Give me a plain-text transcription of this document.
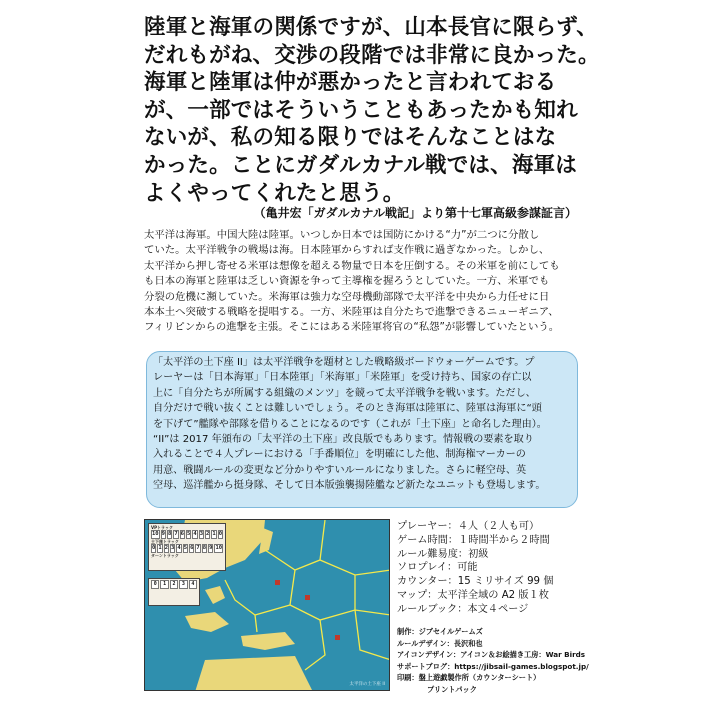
陸軍と海軍の関係ですが、山本長官に限らず、
だれもがね、交渉の段階では非常に良かった。
海軍と陸軍は仲が悪かったと言われておる
が、一部ではそういうこともあったかも知れ
ないが、私の知る限りではそんなことはな
かった。ことにガダルカナル戦では、海軍は
よくやってくれたと思う。
（亀井宏「ガダルカナル戦記」より第十七軍高級参謀証言）
太平洋は海軍。中国大陸は陸軍。いつしか日本では国防にかける“力”が二つに分散し
ていた。太平洋戦争の戦場は海。日本陸軍からすれば支作戦に過ぎなかった。しかし、
太平洋から押し寄せる米軍は想像を超える物量で日本を圧倒する。その米軍を前にしても
も日本の海軍と陸軍は乏しい資源を争って主導権を握ろうとしていた。一方、米軍でも
分裂の危機に瀕していた。米海軍は強力な空母機動部隊で太平洋を中央から力任せに日
本本土へ突破する戦略を提唱する。一方、米陸軍は自分たちで進撃できるニューギニア、
フィリピンからの進撃を主張。そこにはある米陸軍将官の“私怨”が影響していたという。
「太平洋の土下座 II」は太平洋戦争を題材とした戦略級ボードウォーゲームです。プ
レーヤーは「日本海軍」「日本陸軍」「米海軍」「米陸軍」を受け持ち、国家の存亡以
上に「自分たちが所属する組織のメンツ」を競って太平洋戦争を戦います。ただし、
自分だけで戦い抜くことは難しいでしょう。そのとき海軍は陸軍に、陸軍は海軍に“頭
を下げて”艦隊や部隊を借りることになるのです（これが「土下座」と命名した理由）。
“II”は 2017 年頒布の「太平洋の土下座」改良版でもあります。情報戦の要素を取り
入れることで４人プレーにおける「手番順位」を明確にした他、制海権マーカーの
用意、戦闘ルールの変更など分かりやすいルールになりました。さらに軽空母、英
空母、巡洋艦から挺身隊、そして日本版強襲揚陸艦など新たなユニットも登場します。
VPトラック
10 9 8 7 6 5 4 3 2 1 0
土下座トラック
0 1 2 3 4 5 6 7 8 9 10
ターントラック
0	1	2	3	4
太平洋の土下座 II
プレーヤー：４人（２人も可）
ゲーム時間：１時間半から２時間
ルール難易度：初級
ソロプレイ：可能
カウンター：15 ミリサイズ 99 個
マップ：太平洋全域の A2 版１枚
ルールブック：本文４ページ
制作：ジブセイルゲームズ
ルールデザイン：長沢和也
アイコンデザイン：アイコン＆お絵描き工房：War Birds
サポートブログ：https://jibsail-games.blogspot.jp/
印刷：盤上遊戯製作所（カウンターシート）
プリントパック
